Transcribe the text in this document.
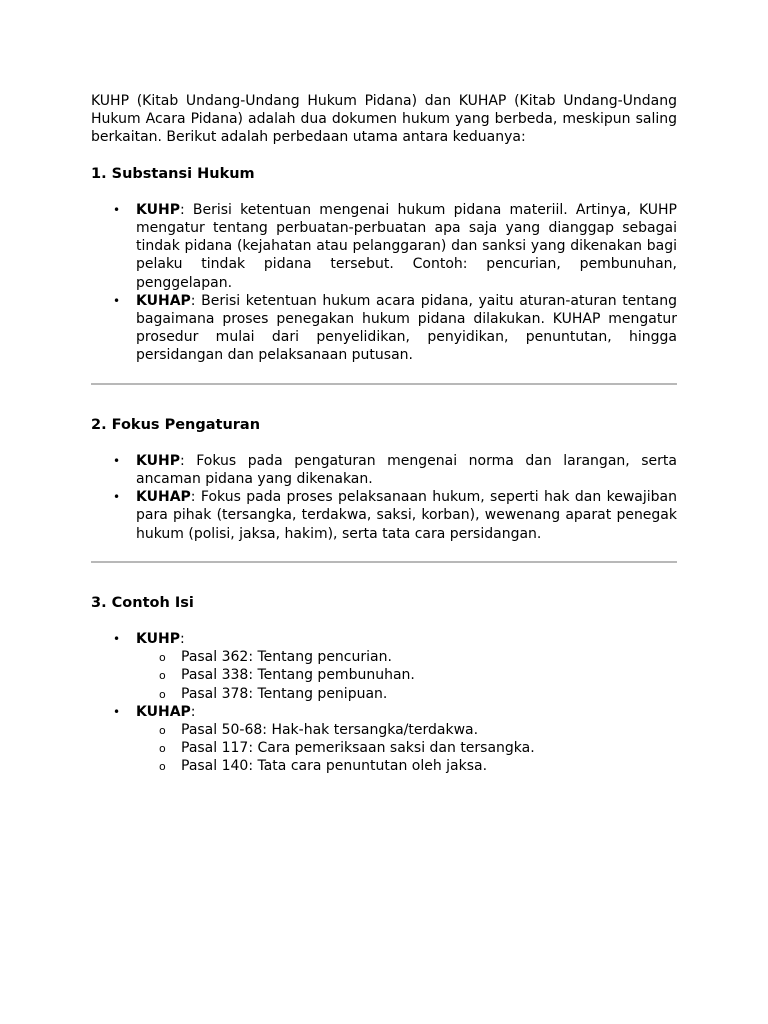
KUHP (Kitab Undang-Undang Hukum Pidana) dan KUHAP (Kitab Undang-Undang Hukum Acara Pidana) adalah dua dokumen hukum yang berbeda, meskipun saling berkaitan. Berikut adalah perbedaan utama antara keduanya:

1. Substansi Hukum
• KUHP: Berisi ketentuan mengenai hukum pidana materiil. Artinya, KUHP mengatur tentang perbuatan-perbuatan apa saja yang dianggap sebagai tindak pidana (kejahatan atau pelanggaran) dan sanksi yang dikenakan bagi pelaku tindak pidana tersebut. Contoh: pencurian, pembunuhan, penggelapan.
• KUHAP: Berisi ketentuan hukum acara pidana, yaitu aturan-aturan tentang bagaimana proses penegakan hukum pidana dilakukan. KUHAP mengatur prosedur mulai dari penyelidikan, penyidikan, penuntutan, hingga persidangan dan pelaksanaan putusan.
2. Fokus Pengaturan
• KUHP: Fokus pada pengaturan mengenai norma dan larangan, serta ancaman pidana yang dikenakan.
• KUHAP: Fokus pada proses pelaksanaan hukum, seperti hak dan kewajiban para pihak (tersangka, terdakwa, saksi, korban), wewenang aparat penegak hukum (polisi, jaksa, hakim), serta tata cara persidangan.
3. Contoh Isi
• KUHP:
o Pasal 362: Tentang pencurian.
o Pasal 338: Tentang pembunuhan.
o Pasal 378: Tentang penipuan.
• KUHAP:
o Pasal 50-68: Hak-hak tersangka/terdakwa.
o Pasal 117: Cara pemeriksaan saksi dan tersangka.
o Pasal 140: Tata cara penuntutan oleh jaksa.
